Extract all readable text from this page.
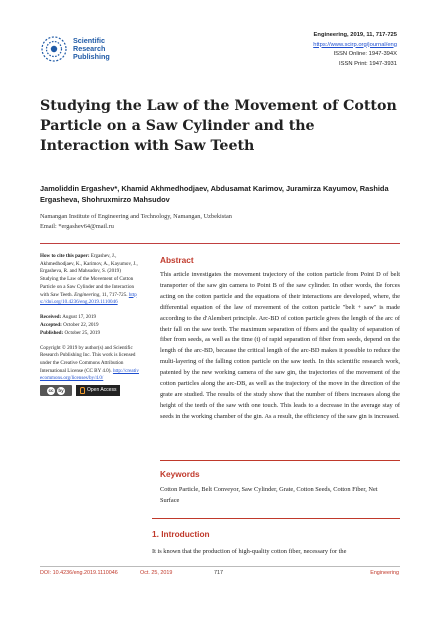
Scientific
Research
Publishing
Engineering, 2019, 11, 717-725
https://www.scirp.org/journal/eng
ISSN Online: 1947-394X
ISSN Print: 1947-3931
Studying the Law of the Movement of Cotton Particle on a Saw Cylinder and the Interaction with Saw Teeth
Jamoliddin Ergashev*, Khamid Akhmedhodjaev, Abdusamat Karimov, Juramirza Kayumov, Rashida Ergasheva, Shohruxmirzo Mahsudov
Namangan Institute of Engineering and Technology, Namangan, Uzbekistan
Email: *ergashev64@mail.ru

How to cite this paper: Ergashev, J., Akhmedhodjaev, K., Karimov, A., Kayumov, J., Ergasheva, R. and Mahsudov, S. (2019) Studying the Law of the Movement of Cotton Particle on a Saw Cylinder and the Interaction with Saw Teeth. Engineering, 11, 717-725. https://doi.org/10.4236/eng.2019.1110046

Received: August 17, 2019
Accepted: October 22, 2019
Published: October 25, 2019

Copyright © 2019 by author(s) and Scientific Research Publishing Inc. This work is licensed under the Creative Commons Attribution International License (CC BY 4.0). http://creativecommons.org/licenses/by/4.0/

cc	by	Open Access
Abstract
This article investigates the movement trajectory of the cotton particle from Point D of belt transporter of the saw gin camera to Point B of the saw cylinder. In other words, the forces acting on the cotton particle and the equations of their interactions are developed, where, the differential equation of the law of movement of the cotton particle "belt + saw" is made according to the d'Alembert principle. Arc-BD of cotton particle gives the length of the arc of their fall on the saw teeth. The maximum separation of fibers and the quality of separation of fiber from seeds, as well as the time (t) of rapid separation of fiber from seeds, depend on the length of the arc-BD, because the critical length of the arc-BD makes it possible to reduce the multi-layering of the falling cotton particle on the saw teeth. In this scientific research work, patented by the new working camera of the saw gin, the trajectories of the movement of the cotton particles along the arc-DB, as well as the trajectory of the move in the direction of the grate are studied. The results of the study show that the number of fibers increases along the height of the teeth of the saw with one touch. This leads to a decrease in the average stay of seeds in the working chamber of the gin. As a result, the efficiency of the saw gin is increased.
Keywords
Cotton Particle, Belt Conveyor, Saw Cylinder, Grate, Cotton Seeds, Cotton Fiber, Net Surface
1. Introduction
It is known that the production of high-quality cotton fiber, necessary for the
DOI: 10.4236/eng.2019.1110046	Oct. 25, 2019	717	Engineering
